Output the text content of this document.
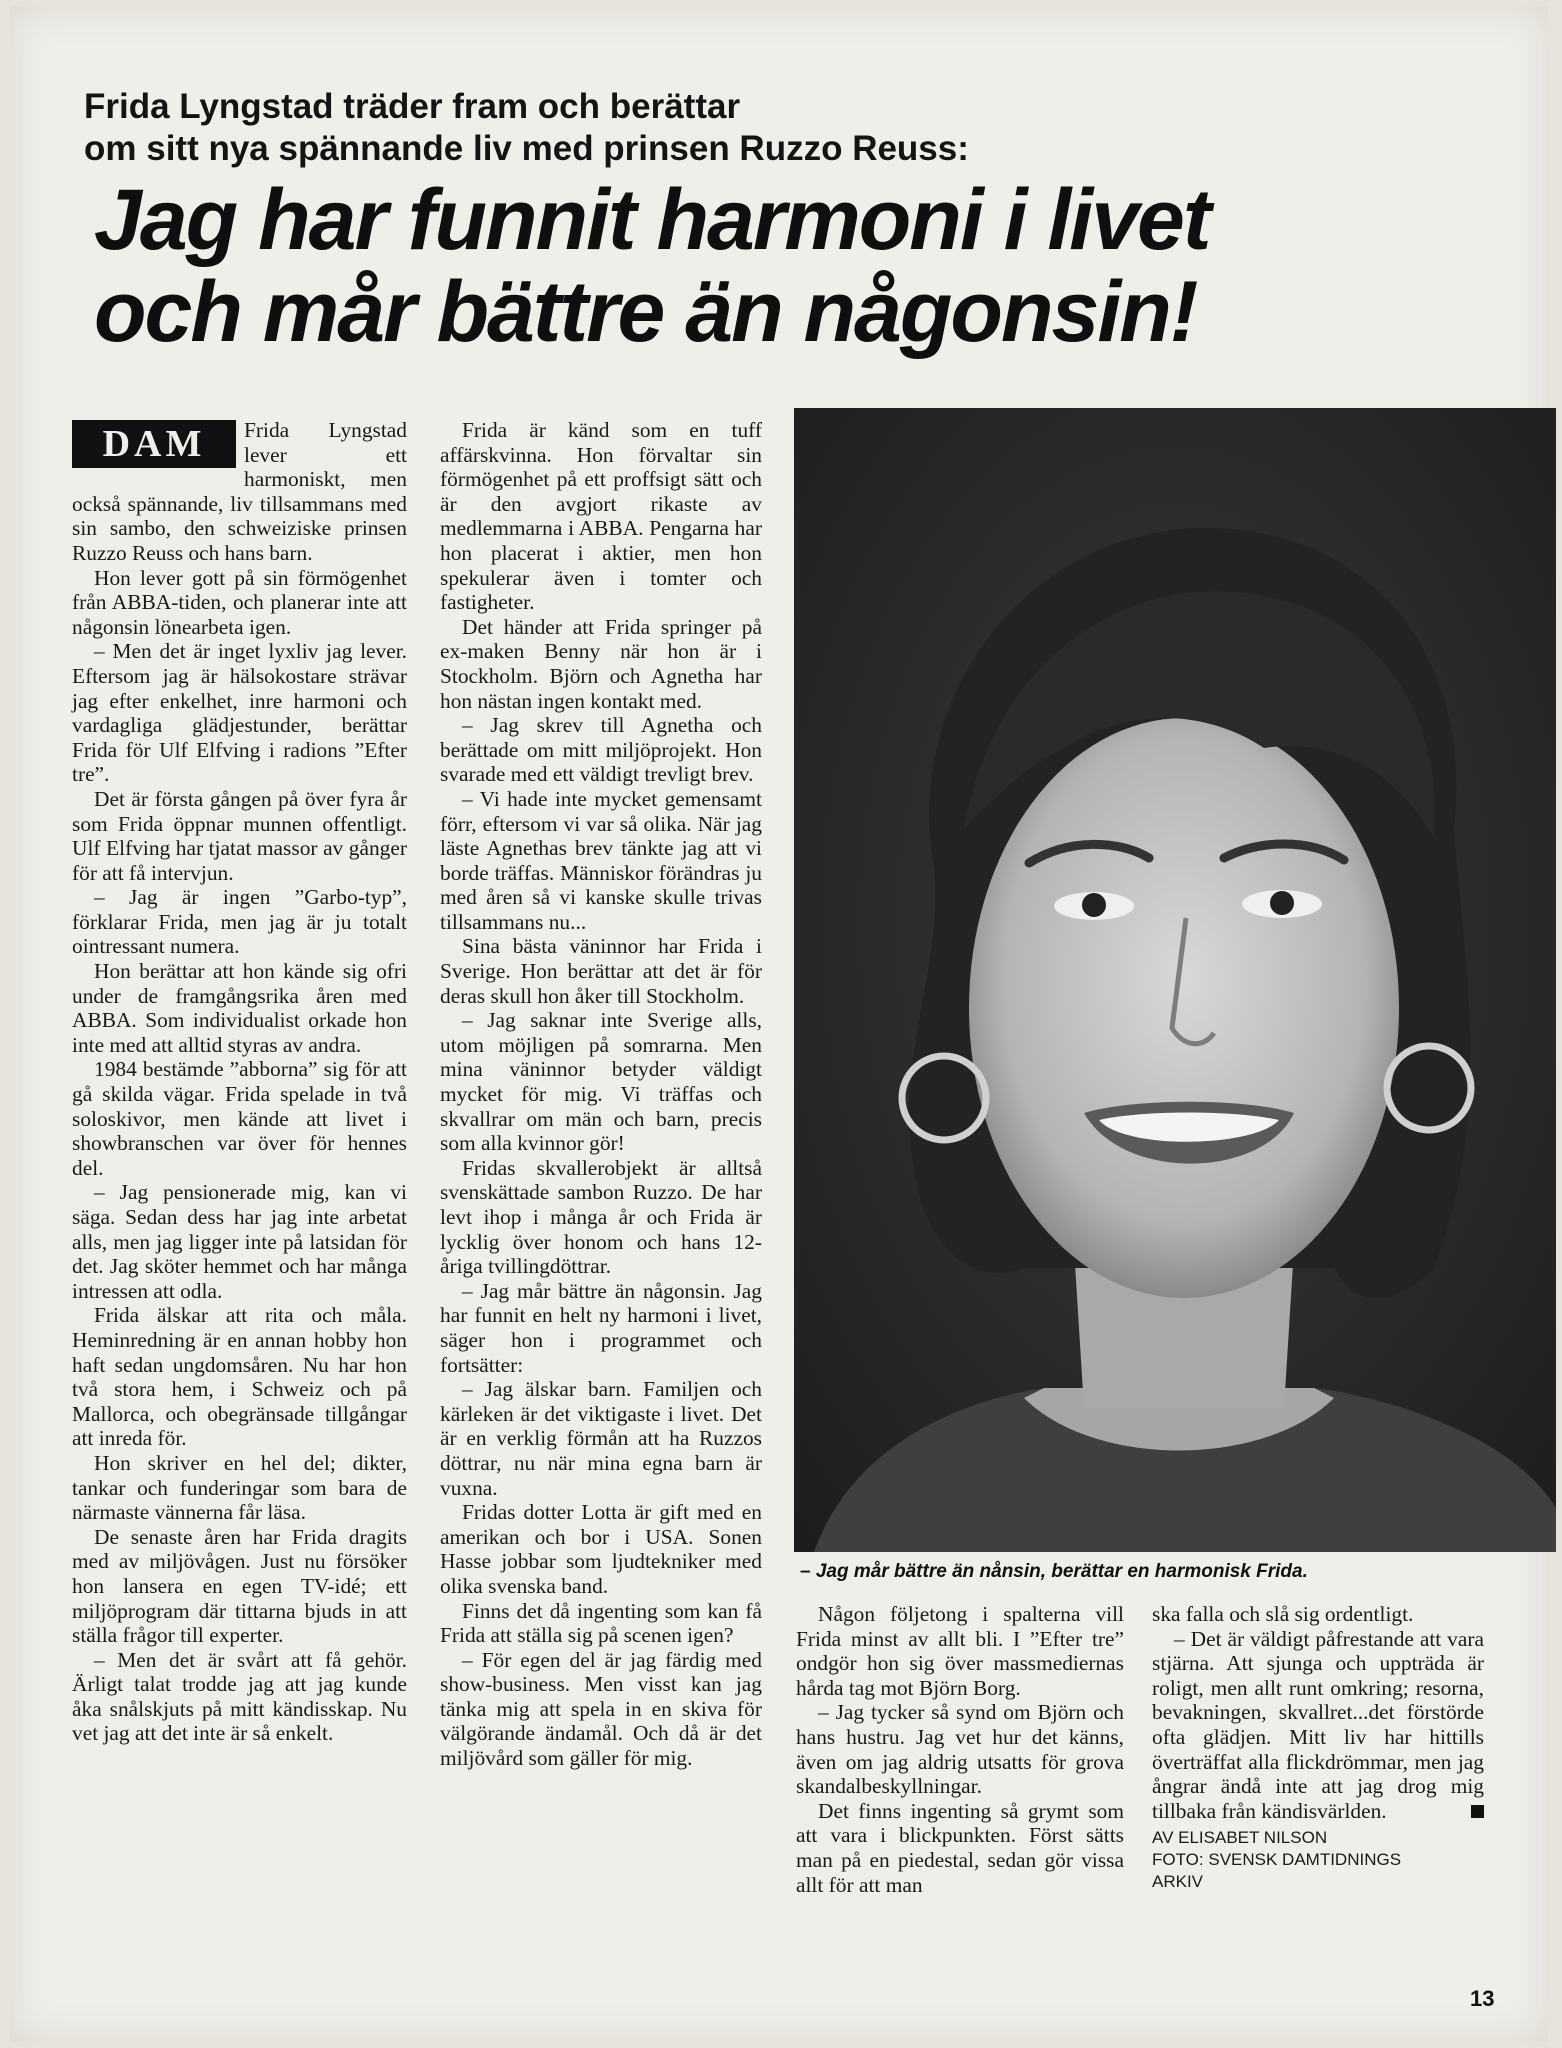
Frida Lyngstad träder fram och berättar
om sitt nya spännande liv med prinsen Ruzzo Reuss:
Jag har funnit harmoni i livet
och mår bättre än någonsin!

DAM	Frida Lyngstad lever ett harmoniskt, men också spännande, liv tillsammans med sin sambo, den schweiziske prinsen Ruzzo Reuss och hans barn.

Hon lever gott på sin förmögenhet från ABBA-tiden, och planerar inte att någonsin lönearbeta igen.

– Men det är inget lyxliv jag lever. Eftersom jag är hälsokostare strävar jag efter enkelhet, inre harmoni och vardagliga glädjestunder, berättar Frida för Ulf Elfving i radions ”Efter tre”.

Det är första gången på över fyra år som Frida öppnar munnen offentligt. Ulf Elfving har tjatat massor av gånger för att få intervjun.

– Jag är ingen ”Garbo-typ”, förklarar Frida, men jag är ju totalt ointressant numera.

Hon berättar att hon kände sig ofri under de framgångsrika åren med ABBA. Som individualist orkade hon inte med att alltid styras av andra.

1984 bestämde ”abborna” sig för att gå skilda vägar. Frida spelade in två soloskivor, men kände att livet i showbranschen var över för hennes del.

– Jag pensionerade mig, kan vi säga. Sedan dess har jag inte arbetat alls, men jag ligger inte på latsidan för det. Jag sköter hemmet och har många intressen att odla.

Frida älskar att rita och måla. Heminredning är en annan hobby hon haft sedan ungdomsåren. Nu har hon två stora hem, i Schweiz och på Mallorca, och obegränsade tillgångar att inreda för.

Hon skriver en hel del; dikter, tankar och funderingar som bara de närmaste vännerna får läsa.

De senaste åren har Frida dragits med av miljövågen. Just nu försöker hon lansera en egen TV-idé; ett miljöprogram där tittarna bjuds in att ställa frågor till experter.

– Men det är svårt att få gehör. Ärligt talat trodde jag att jag kunde åka snålskjuts på mitt kändisskap. Nu vet jag att det inte är så enkelt.

Frida är känd som en tuff affärskvinna. Hon förvaltar sin förmögenhet på ett proffsigt sätt och är den avgjort rikaste av medlemmarna i ABBA. Pengarna har hon placerat i aktier, men hon spekulerar även i tomter och fastigheter.

Det händer att Frida springer på ex-maken Benny när hon är i Stockholm. Björn och Agnetha har hon nästan ingen kontakt med.

– Jag skrev till Agnetha och berättade om mitt miljöprojekt. Hon svarade med ett väldigt trevligt brev.

– Vi hade inte mycket gemensamt förr, eftersom vi var så olika. När jag läste Agnethas brev tänkte jag att vi borde träffas. Människor förändras ju med åren så vi kanske skulle trivas tillsammans nu...

Sina bästa väninnor har Frida i Sverige. Hon berättar att det är för deras skull hon åker till Stockholm.

– Jag saknar inte Sverige alls, utom möjligen på somrarna. Men mina väninnor betyder väldigt mycket för mig. Vi träffas och skvallrar om män och barn, precis som alla kvinnor gör!

Fridas skvallerobjekt är alltså svenskättade sambon Ruzzo. De har levt ihop i många år och Frida är lycklig över honom och hans 12-åriga tvillingdöttrar.

– Jag mår bättre än någonsin. Jag har funnit en helt ny harmoni i livet, säger hon i programmet och fortsätter:

– Jag älskar barn. Familjen och kärleken är det viktigaste i livet. Det är en verklig förmån att ha Ruzzos döttrar, nu när mina egna barn är vuxna.

Fridas dotter Lotta är gift med en amerikan och bor i USA. Sonen Hasse jobbar som ljudtekniker med olika svenska band.

Finns det då ingenting som kan få Frida att ställa sig på scenen igen?

– För egen del är jag färdig med show-business. Men visst kan jag tänka mig att spela in en skiva för välgörande ändamål. Och då är det miljövård som gäller för mig.

– Jag mår bättre än nånsin, berättar en harmonisk Frida.

Någon följetong i spalterna vill Frida minst av allt bli. I ”Efter tre” ondgör hon sig över massmediernas hårda tag mot Björn Borg.

– Jag tycker så synd om Björn och hans hustru. Jag vet hur det känns, även om jag aldrig utsatts för grova skandalbeskyllningar.

Det finns ingenting så grymt som att vara i blickpunkten. Först sätts man på en piedestal, sedan gör vissa allt för att man

ska falla och slå sig ordentligt.

– Det är väldigt påfrestande att vara stjärna. Att sjunga och uppträda är roligt, men allt runt omkring; resorna, bevakningen, skvallret...det förstörde ofta glädjen. Mitt liv har hittills överträffat alla flickdrömmar, men jag ångrar ändå inte att jag drog mig tillbaka från kändisvärlden.

AV ELISABET NILSON
FOTO: SVENSK DAMTIDNINGS
ARKIV
13
